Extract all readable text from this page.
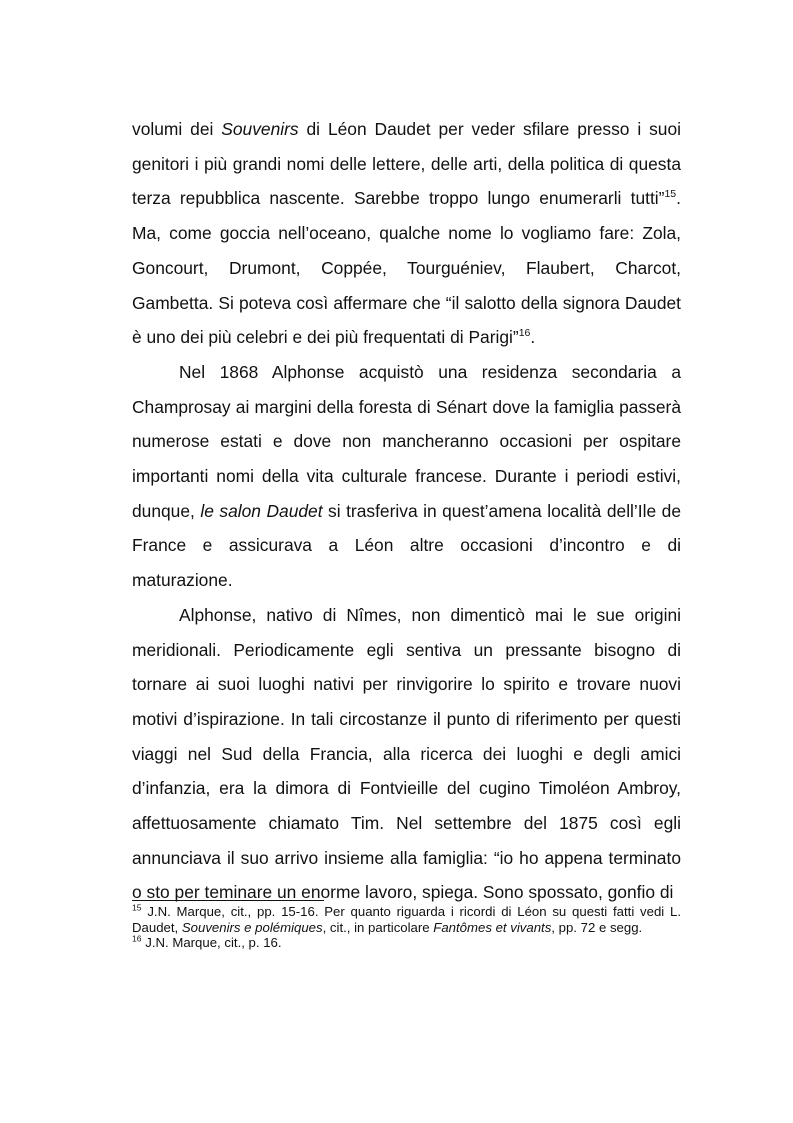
volumi dei Souvenirs di Léon Daudet per veder sfilare presso i suoi genitori i più grandi nomi delle lettere, delle arti, della politica di questa terza repubblica nascente. Sarebbe troppo lungo enumerarli tutti”$^{15}$. Ma, come goccia nell’oceano, qualche nome lo vogliamo fare: Zola, Goncourt, Drumont, Coppée, Tourguéniev, Flaubert, Charcot, Gambetta. Si poteva così affermare che “il salotto della signora Daudet è uno dei più celebri e dei più frequentati di Parigi”$^{16}$.

Nel 1868 Alphonse acquistò una residenza secondaria a Champrosay ai margini della foresta di Sénart dove la famiglia passerà numerose estati e dove non mancheranno occasioni per ospitare importanti nomi della vita culturale francese. Durante i periodi estivi, dunque, le salon Daudet si trasferiva in quest’amena località dell’Ile de France e assicurava a Léon altre occasioni d’incontro e di maturazione.

Alphonse, nativo di Nîmes, non dimenticò mai le sue origini meridionali. Periodicamente egli sentiva un pressante bisogno di tornare ai suoi luoghi nativi per rinvigorire lo spirito e trovare nuovi motivi d’ispirazione. In tali circostanze il punto di riferimento per questi viaggi nel Sud della Francia, alla ricerca dei luoghi e degli amici d’infanzia, era la dimora di Fontvieille del cugino Timoléon Ambroy, affettuosamente chiamato Tim. Nel settembre del 1875 così egli annunciava il suo arrivo insieme alla famiglia: “io ho appena terminato o sto per teminare un enorme lavoro, spiega. Sono spossato, gonfio di

$^{15}$ J.N. Marque, cit., pp. 15-16. Per quanto riguarda i ricordi di Léon su questi fatti vedi L. Daudet, Souvenirs e polémiques, cit., in particolare Fantômes et vivants, pp. 72 e segg.

$^{16}$ J.N. Marque, cit., p. 16.
